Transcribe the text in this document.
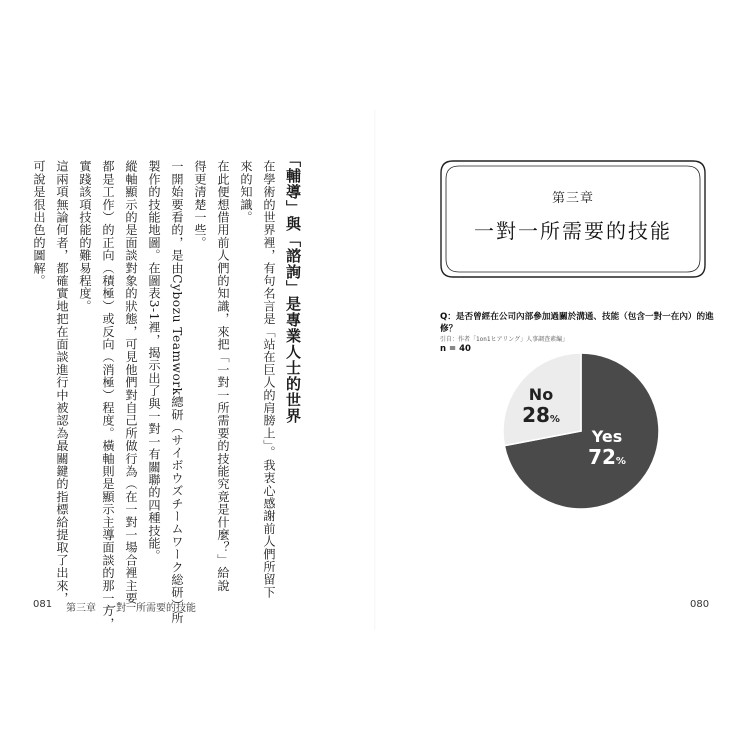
「輔導」與「諮詢」是專業人士的世界

在學術的世界裡，有句名言是「站在巨人的肩膀上」。我衷心感謝前人們所留下

來的知識。

在此便想借用前人們的知識，來把「一對一所需要的技能究竟是什麼？」給說

得更清楚一些。

一開始要看的，是由Cybozu Teamwork總研（サイボウズチームワーク総研）所

製作的技能地圖。在圖表3-1裡，揭示出了與一對一有關聯的四種技能。

縱軸顯示的是面談對象的狀態，可見他們對自己所做行為（在一對一場合裡主要

都是工作）的正向（積極）或反向（消極）程度。橫軸則是顯示主導面談的那一方，

實踐該項技能的難易程度。

這兩項無論何者，都確實地把在面談進行中被認為最關鍵的指標給提取了出來，

可說是很出色的圖解。

081 第三章　一對一所需要的技能	080
第三章
一對一所需要的技能
Q：是否曾經在公司內部參加過關於溝通、技能（包含一對一在內）的進修？
引自：作者「1on1ヒアリング」人事調查素編」
n = 40
No
28%
Yes
72%
